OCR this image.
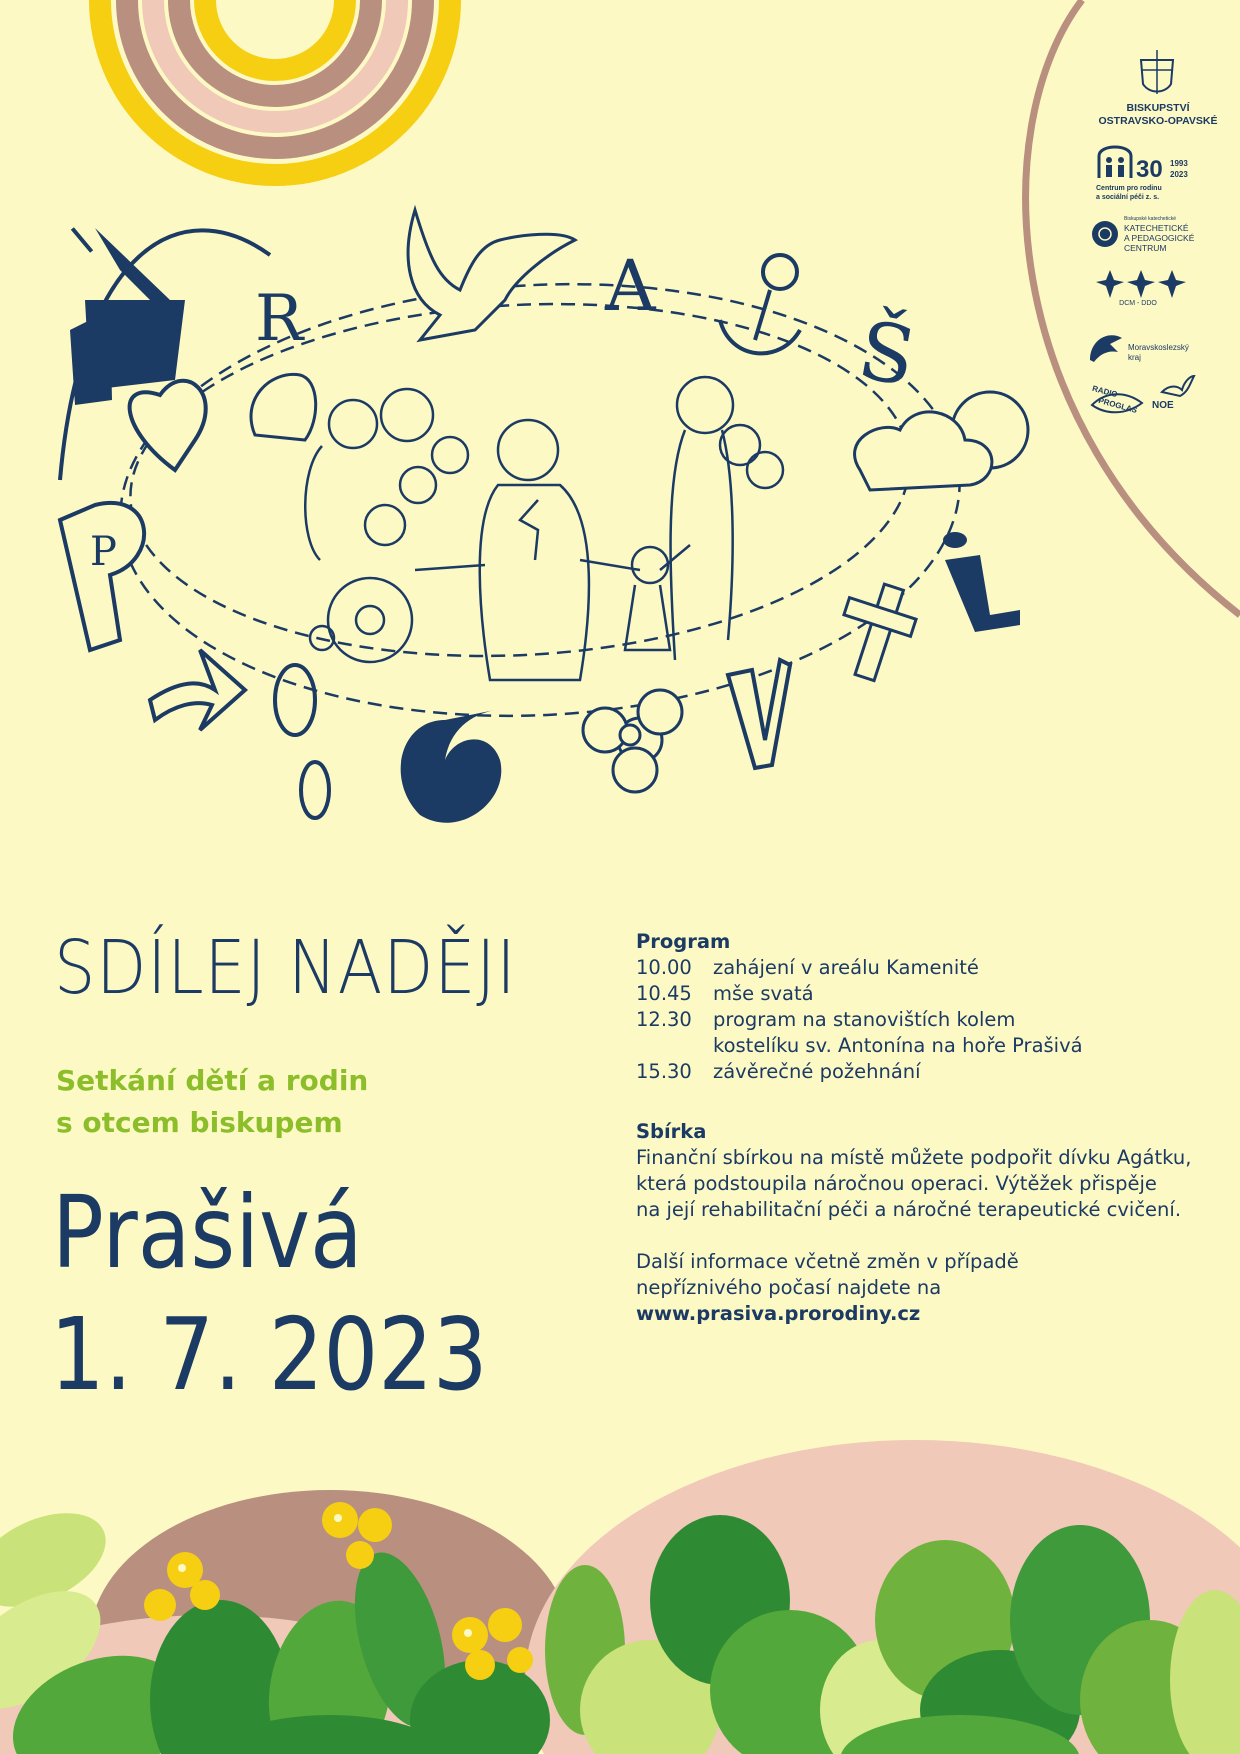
P
Š
A
R
BISKUPSTVÍ
OSTRAVSKO-OPAVSKÉ
30 1993
2023
Centrum pro rodinu
a sociální péči z. s.
Biskupské katechetické
KATECHETICKÉ
A PEDAGOGICKÉ
CENTRUM
DCM - DDO
Moravskoslezský
kraj
RADIO
PROGLAS NOE
SDÍLEJ NADĚJI
Setkání dětí a rodin
s otcem biskupem
Prašivá
1. 7. 2023
Program
10.00	zahájení v areálu Kamenité
10.45	mše svatá
12.30	program na stanovištích kolem
kostelíku sv. Antonína na hoře Prašivá
15.30	závěrečné požehnání
Sbírka
Finanční sbírkou na místě můžete podpořit dívku Agátku,
která podstoupila náročnou operaci. Výtěžek přispěje
na její rehabilitační péči a náročné terapeutické cvičení.
Další informace včetně změn v případě
nepříznivého počasí najdete na
www.prasiva.prorodiny.cz
